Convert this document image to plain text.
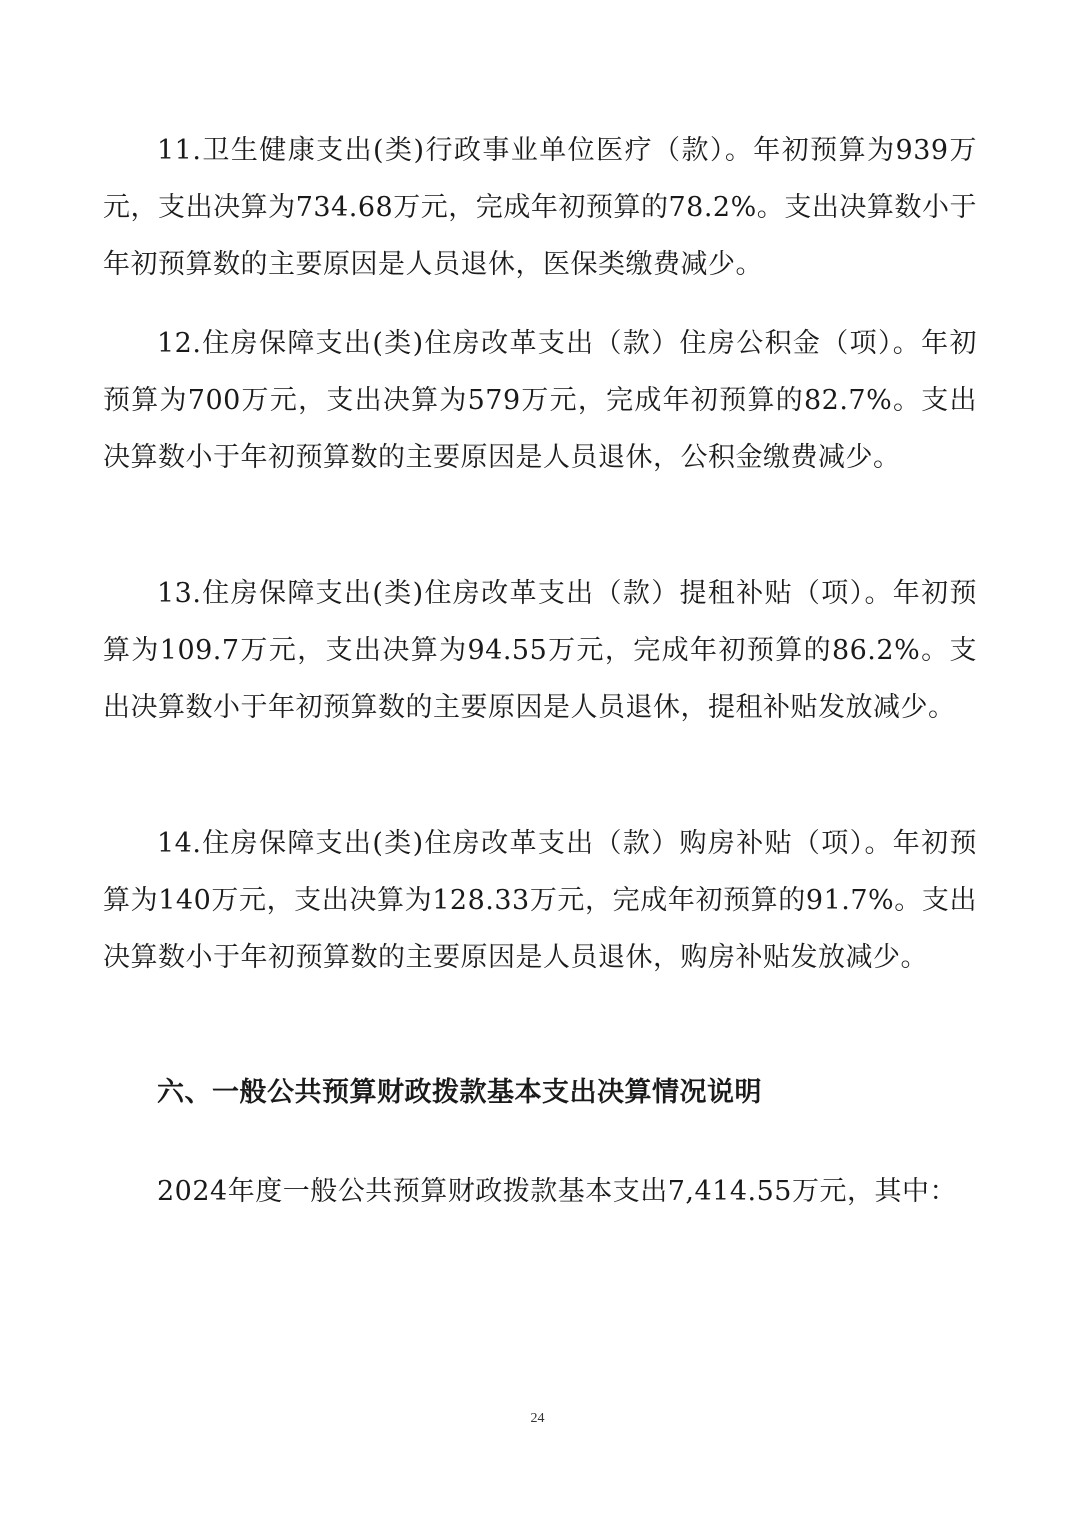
11.卫生健康支出(类)行政事业单位医疗（款）。年初预算为939万元，支出决算为734.68万元，完成年初预算的78.2%。支出决算数小于年初预算数的主要原因是人员退休，医保类缴费减少。

12.住房保障支出(类)住房改革支出（款）住房公积金（项）。年初预算为700万元，支出决算为579万元，完成年初预算的82.7%。支出决算数小于年初预算数的主要原因是人员退休，公积金缴费减少。

13.住房保障支出(类)住房改革支出（款）提租补贴（项）。年初预算为109.7万元，支出决算为94.55万元，完成年初预算的86.2%。支出决算数小于年初预算数的主要原因是人员退休，提租补贴发放减少。

14.住房保障支出(类)住房改革支出（款）购房补贴（项）。年初预算为140万元，支出决算为128.33万元，完成年初预算的91.7%。支出决算数小于年初预算数的主要原因是人员退休，购房补贴发放减少。

六、一般公共预算财政拨款基本支出决算情况说明

2024年度一般公共预算财政拨款基本支出7,414.55万元，其中：

24
